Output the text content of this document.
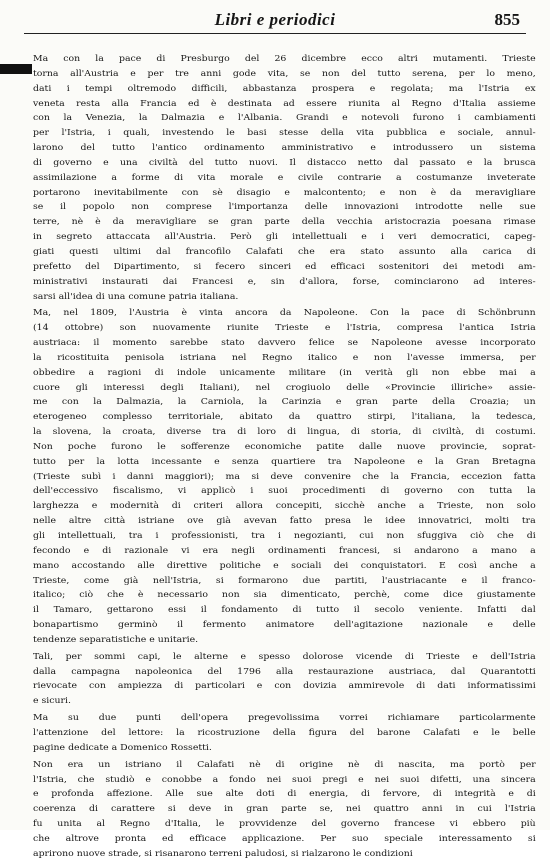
Libri e periodici	855
Ma con la pace di Presburgo del 26 dicembre ecco altri mutamenti. Trieste
torna all'Austria e per tre anni gode vita, se non del tutto serena, per lo meno,
dati i tempi oltremodo difficili, abbastanza prospera e regolata; ma l'Istria ex
veneta resta alla Francia ed è destinata ad essere riunita al Regno d'Italia assieme
con la Venezia, la Dalmazia e l'Albania. Grandi e notevoli furono i cambiamenti
per l'Istria, i quali, investendo le basi stesse della vita pubblica e sociale, annul-
larono del tutto l'antico ordinamento amministrativo e introdussero un sistema
di governo e una civiltà del tutto nuovi. Il distacco netto dal passato e la brusca
assimilazione a forme di vita morale e civile contrarie a costumanze inveterate
portarono inevitabilmente con sè disagio e malcontento; e non è da meravigliare
se il popolo non comprese l'importanza delle innovazioni introdotte nelle sue
terre, nè è da meravigliare se gran parte della vecchia aristocrazia poesana rimase
in segreto attaccata all'Austria. Però gli intellettuali e i veri democratici, capeg-
giati questi ultimi dal francofilo Calafati che era stato assunto alla carica di
prefetto del Dipartimento, si fecero sinceri ed efficaci sostenitori dei metodi am-
ministrativi instaurati dai Francesi e, sin d'allora, forse, cominciarono ad interes-
sarsi all'idea di una comune patria italiana.
Ma, nel 1809, l'Austria è vinta ancora da Napoleone. Con la pace di Schönbrunn
(14 ottobre) son nuovamente riunite Trieste e l'Istria, compresa l'antica Istria
austriaca: il momento sarebbe stato davvero felice se Napoleone avesse incorporato
la ricostituita penisola istriana nel Regno italico e non l'avesse immersa, per
obbedire a ragioni di indole unicamente militare (in verità gli non ebbe mai a
cuore gli interessi degli Italiani), nel crogiuolo delle «Provincie illiriche» assie-
me con la Dalmazia, la Carniola, la Carinzia e gran parte della Croazia; un
eterogeneo complesso territoriale, abitato da quattro stirpi, l'italiana, la tedesca,
la slovena, la croata, diverse tra di loro di lingua, di storia, di civiltà, di costumi.
Non poche furono le sofferenze economiche patite dalle nuove provincie, soprat-
tutto per la lotta incessante e senza quartiere tra Napoleone e la Gran Bretagna
(Trieste subì i danni maggiori); ma si deve convenire che la Francia, eccezion fatta
dell'eccessivo fiscalismo, vi applicò i suoi procedimenti di governo con tutta la
larghezza e modernità di criteri allora concepiti, sicchè anche a Trieste, non solo
nelle altre città istriane ove già avevan fatto presa le idee innovatrici, molti tra
gli intellettuali, tra i professionisti, tra i negozianti, cui non sfuggiva ciò che di
fecondo e di razionale vi era negli ordinamenti francesi, si andarono a mano a
mano accostando alle direttive politiche e sociali dei conquistatori. E così anche a
Trieste, come già nell'Istria, si formarono due partiti, l'austriacante e il franco-
italico; ciò che è necessario non sia dimenticato, perchè, come dice giustamente
il Tamaro, gettarono essi il fondamento di tutto il secolo veniente. Infatti dal
bonapartismo germinò il fermento animatore dell'agitazione nazionale e delle
tendenze separatistiche e unitarie.
Tali, per sommi capi, le alterne e spesso dolorose vicende di Trieste e dell'Istria
dalla campagna napoleonica del 1796 alla restaurazione austriaca, dal Quarantotti
rievocate con ampiezza di particolari e con dovizia ammirevole di dati informatissimi
e sicuri.
Ma su due punti dell'opera pregevolissima vorrei richiamare particolarmente
l'attenzione del lettore: la ricostruzione della figura del barone Calafati e le belle
pagine dedicate a Domenico Rossetti.
Non era un istriano il Calafati nè di origine nè di nascita, ma portò per
l'Istria, che studiò e conobbe a fondo nei suoi pregi e nei suoi difetti, una sincera
e profonda affezione. Alle sue alte doti di energia, di fervore, di integrità e di
coerenza di carattere si deve in gran parte se, nei quattro anni in cui l'Istria
fu unita al Regno d'Italia, le provvidenze del governo francese vi ebbero più
che altrove pronta ed efficace applicazione. Per suo speciale interessamento si
aprirono nuove strade, si risanarono terreni paludosi, si rialzarono le condizioni
